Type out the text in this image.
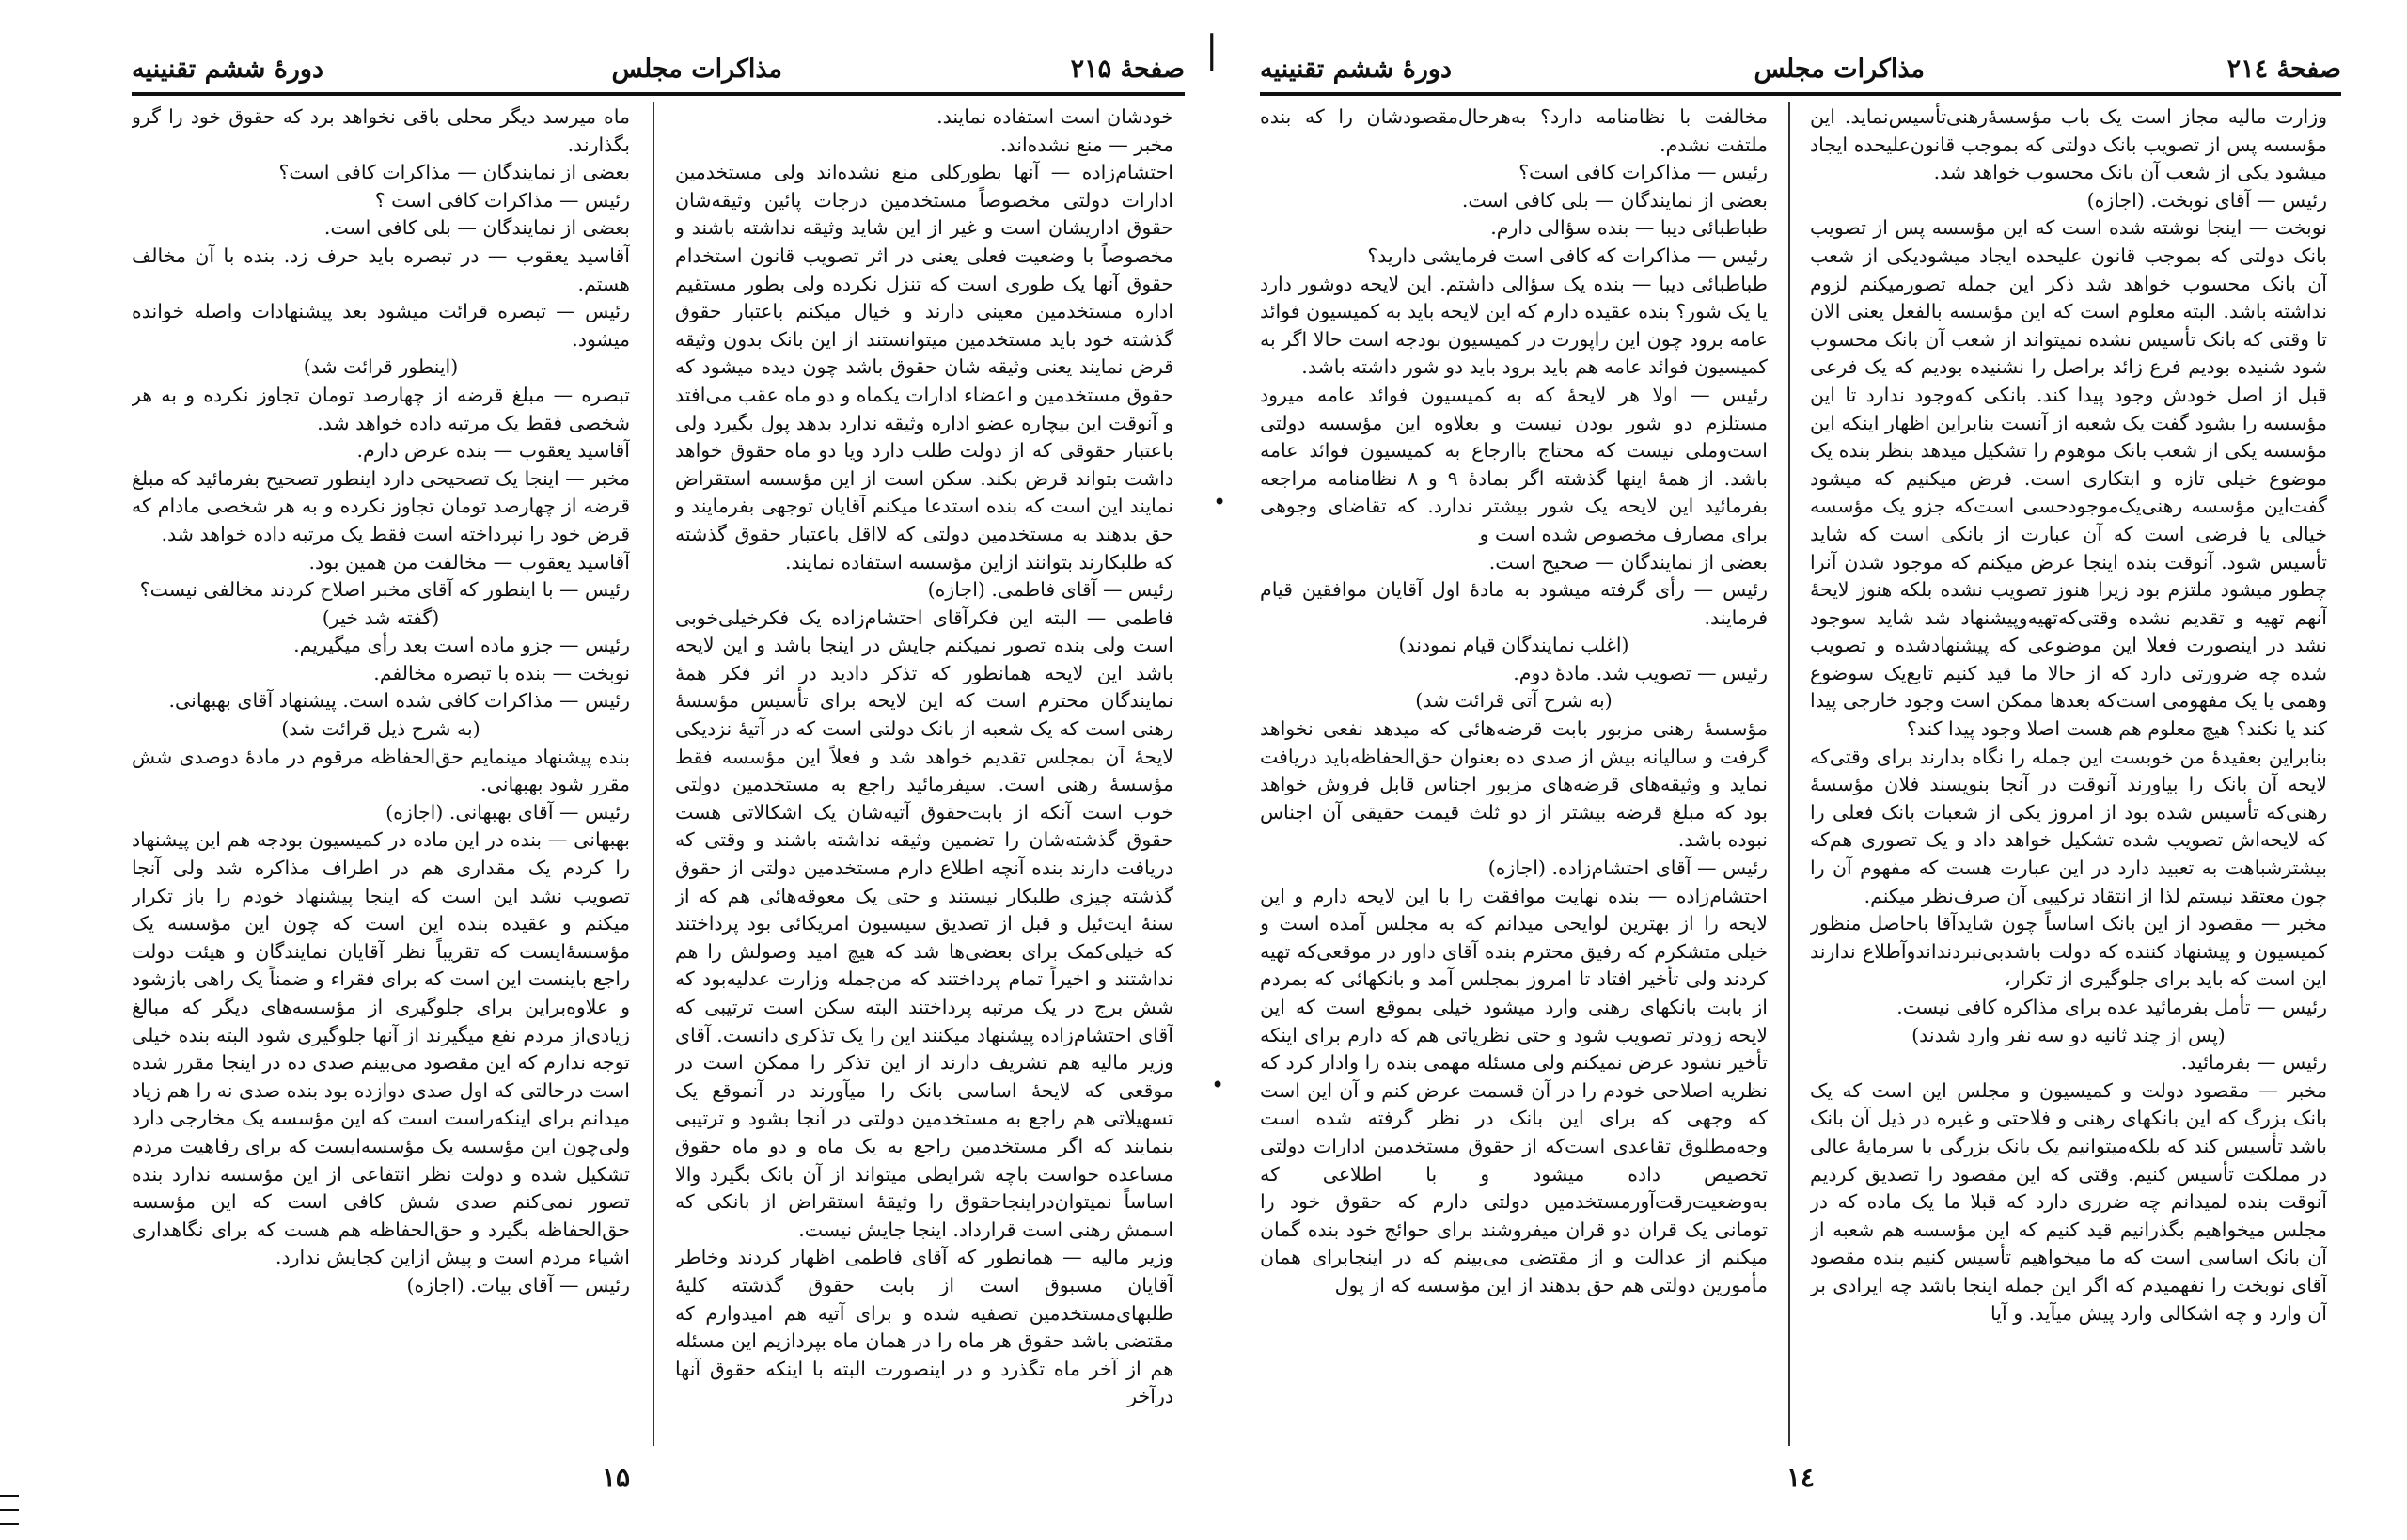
صفحهٔ ۲۱۵
مذاکرات مجلس
دورهٔ ششم تقنینیه

ماه میرسد دیگر محلی باقی نخواهد برد که حقوق خود را گرو بگذارند.

بعضی از نمایندگان — مذاکرات کافی است؟

رئیس — مذاکرات کافی است ؟

بعضی از نمایندگان — بلی کافی است.

آقاسید یعقوب — در تبصره باید حرف زد. بنده با آن مخالف هستم.

رئیس — تبصره قرائت میشود بعد پیشنهادات واصله خوانده میشود.

(اینطور قرائت شد)

تبصره — مبلغ قرضه از چهارصد تومان تجاوز نکرده و به هر شخصی فقط یک مرتبه داده خواهد شد.

آقاسید یعقوب — بنده عرض دارم.

مخبر — اینجا یک تصحیحی دارد اینطور تصحیح بفرمائید که مبلغ قرضه از چهارصد تومان تجاوز نکرده و به هر شخصی مادام که قرض خود را نپرداخته است فقط یک مرتبه داده خواهد شد.

آقاسید یعقوب — مخالفت من همین بود.

رئیس — با اینطور که آقای مخبر اصلاح کردند مخالفی نیست؟

(گفته شد خیر)

رئیس — جزو ماده است بعد رأی میگیریم.

نوبخت — بنده با تبصره مخالفم.

رئیس — مذاکرات کافی شده است. پیشنهاد آقای بهبهانی.

(به شرح ذیل قرائت شد)

بنده پیشنهاد مینمایم حق‌الحفاظه مرقوم در مادهٔ دوصدی شش مقرر شود بهبهانی.

رئیس — آقای بهبهانی. (اجازه)

بهبهانی — بنده در این ماده در کمیسیون بودجه هم این پیشنهاد را کردم یک مقداری هم در اطراف مذاکره شد ولی آنجا تصویب نشد این است که اینجا پیشنهاد خودم را باز تکرار میکنم و عقیده بنده این است که چون این مؤسسه یک مؤسسهٔ‌ایست که تقریباً نظر آقایان نمایندگان و هیئت دولت راجع باینست این است که برای فقراء و ضمناً یک راهی بازشود و علاوه‌براین برای جلوگیری از مؤسسه‌های دیگر که مبالغ زیادی‌از مردم نفع میگیرند از آنها جلوگیری شود البته بنده خیلی توجه ندارم که این مقصود می‌بینم صدی ده در اینجا مقرر شده است درحالتی که اول صدی دوازده بود بنده صدی نه را هم زیاد میدانم برای اینکه‌راست است که این مؤسسه یک مخارجی دارد ولی‌چون این مؤسسه یک مؤسسه‌ایست که برای رفاهیت مردم تشکیل شده و دولت نظر انتفاعی از این مؤسسه ندارد بنده تصور نمی‌کنم صدی شش کافی است که این مؤسسه حق‌الحفاظه بگیرد و حق‌الحفاظه هم هست که برای نگاهداری اشیاء مردم است و پیش ازاین کجایش ندارد.

رئیس — آقای بیات. (اجازه)

خودشان است استفاده نمایند.

مخبر — منع نشده‌اند.

احتشام‌زاده — آنها بطورکلی منع نشده‌اند ولی مستخدمین ادارات دولتی مخصوصاً مستخدمین درجات پائین وثیقه‌شان حقوق اداریشان است و غیر از این شاید وثیقه نداشته باشند و مخصوصاً با وضعیت فعلی یعنی در اثر تصویب قانون استخدام حقوق آنها یک طوری است که تنزل نکرده ولی بطور مستقیم اداره مستخدمین معینی دارند و خیال میکنم باعتبار حقوق گذشته خود باید مستخدمین میتوانستند از این بانک بدون وثیقه قرض نمایند یعنی وثیقه شان حقوق باشد چون دیده میشود که حقوق مستخدمین و اعضاء ادارات یکماه و دو ماه عقب می‌افتد و آنوقت این بیچاره عضو اداره وثیقه ندارد بدهد پول بگیرد ولی باعتبار حقوقی که از دولت طلب دارد ویا دو ماه حقوق خواهد داشت بتواند قرض بکند. سکن است از این مؤسسه استقراض نمایند این است که بنده استدعا میکنم آقایان توجهی بفرمایند و حق بدهند به مستخدمین دولتی که لااقل باعتبار حقوق گذشته که طلبکارند بتوانند ازاین مؤسسه استفاده نمایند.

رئیس — آقای فاطمی. (اجازه)

فاطمی — البته این فکرآقای احتشام‌زاده یک فکرخیلی‌خوبی است ولی بنده تصور نمیکنم جایش در اینجا باشد و این لایحه باشد این لایحه همانطور که تذکر دادید در اثر فکر همهٔ نمایندگان محترم است که این لایحه برای تأسیس مؤسسهٔ رهنی است که یک شعبه از بانک دولتی است که در آتیهٔ نزدیکی لایحهٔ آن بمجلس تقدیم خواهد شد و فعلاً این مؤسسه فقط مؤسسهٔ رهنی است. سیفرمائید راجع به مستخدمین دولتی خوب است آنکه از بابت‌حقوق آتیه‌شان یک اشکالاتی هست حقوق گذشته‌شان را تضمین وثیقه نداشته باشند و وقتی که دریافت دارند بنده آنچه اطلاع دارم مستخدمین دولتی از حقوق گذشته چیزی طلبکار نیستند و حتی یک معوقه‌هائی هم که از سنهٔ ایت‌ئیل و قبل از تصدیق سیسیون امریکائی بود پرداختند که خیلی‌کمک برای بعضی‌ها شد که هیچ امید وصولش را هم نداشتند و اخیراً تمام پرداختند که من‌جمله وزارت عدلیه‌بود که شش برج در یک مرتبه پرداختند البته سکن است ترتیبی که آقای احتشام‌زاده پیشنهاد میکنند این را یک تذکری دانست. آقای وزیر مالیه هم تشریف دارند از این تذکر را ممکن است در موقعی که لایحهٔ اساسی بانک را میآورند در آنموقع یک تسهیلاتی هم راجع به مستخدمین دولتی در آنجا بشود و ترتیبی بنمایند که اگر مستخدمین راجع به یک ماه و دو ماه حقوق مساعده خواست باچه شرایطی میتواند از آن بانک بگیرد والا اساساً نمیتوان‌دراینجا‌حقوق را وثیقهٔ استقراض از بانکی که اسمش رهنی است قرارداد. اینجا جایش نیست.

وزیر مالیه — همانطور که آقای فاطمی اظهار کردند وخاطر آقایان مسبوق است از بابت حقوق گذشته کلیهٔ طلبهای‌مستخدمین تصفیه شده و برای آتیه هم امیدوارم که مقتضی باشد حقوق هر ماه را در همان ماه بپردازیم این مسئله هم از آخر ماه تگذرد و در اینصورت البته با اینکه حقوق آنها درآخر

۱۵
صفحهٔ ۲۱٤
مذاکرات مجلس
دورهٔ ششم تقنینیه

مخالفت با نظامنامه دارد؟ به‌هرحال‌مقصودشان را که بنده ملتفت نشدم.

رئیس — مذاکرات کافی است؟

بعضی از نمایندگان — بلی کافی است.

طباطبائی دیبا — بنده سؤالی دارم.

رئیس — مذاکرات که کافی است فرمایشی دارید؟

طباطبائی دیبا — بنده یک سؤالی داشتم. این لایحه دوشور دارد یا یک شور؟ بنده عقیده دارم که این لایحه باید به کمیسیون فوائد عامه برود چون این راپورت در کمیسیون بودجه است حالا اگر به کمیسیون فوائد عامه هم باید برود باید دو شور داشته باشد.

رئیس — اولا هر لایحهٔ که به کمیسیون فوائد عامه میرود مستلزم دو شور بودن نیست و بعلاوه این مؤسسه دولتی است‌وملی نیست که محتاج باارجاع به کمیسیون فوائد عامه باشد. از همهٔ اینها گذشته اگر بمادهٔ ٩ و ۸ نظامنامه مراجعه بفرمائید این لایحه یک شور بیشتر ندارد. که تقاضای وجوهی برای مصارف مخصوص شده است و

بعضی از نمایندگان — صحیح است.

رئیس — رأی گرفته میشود به مادهٔ اول آقایان موافقین قیام فرمایند.

(اغلب نمایندگان قیام نمودند)

رئیس — تصویب شد. مادهٔ دوم.

(به شرح آتی قرائت شد)

مؤسسهٔ رهنی مزبور بابت قرضه‌هائی که میدهد نفعی نخواهد گرفت و سالیانه بیش از صدی ده بعنوان حق‌الحفاظه‌باید دریافت نماید و وثیقه‌های قرضه‌های مزبور اجناس قابل فروش خواهد بود که مبلغ قرضه بیشتر از دو ثلث قیمت حقیقی آن اجناس نبوده باشد.

رئیس — آقای احتشام‌زاده. (اجازه)

احتشام‌زاده — بنده نهایت موافقت را با این لایحه دارم و این لایحه را از بهترین لوایحی میدانم که به مجلس آمده است و خیلی متشکرم که رفیق محترم بنده آقای داور در موقعی‌که تهیه کردند ولی تأخیر افتاد تا امروز بمجلس آمد و بانکهائی که بمردم از بابت بانکهای رهنی وارد میشود خیلی بموقع است که این لایحه زودتر تصویب شود و حتی نظریاتی هم که دارم برای اینکه تأخیر نشود عرض نمیکنم ولی مسئله مهمی بنده را وادار کرد که نظریه اصلاحی خودم را در آن قسمت عرض کنم و آن این است که وجهی که برای این بانک در نظر گرفته شده است وجه‌مطلوق تقاعدی است‌که از حقوق مستخدمین ادارات دولتی تخصیص داده میشود و با اطلاعی که به‌وضعیت‌رقت‌آورمستخدمین دولتی دارم که حقوق خود را تومانی یک قران دو قران میفروشند برای حوائج خود بنده گمان میکنم از عدالت و از مقتضی می‌بینم که در اینجابرای همان مأمورین دولتی هم حق بدهند از این مؤسسه که از پول

وزارت مالیه مجاز است یک باب مؤسسهٔ‌رهنی‌تأسیس‌نماید. این مؤسسه پس از تصویب بانک دولتی که بموجب قانون‌علیحده ایجاد میشود یکی از شعب آن بانک محسوب خواهد شد.

رئیس — آقای نوبخت. (اجازه)

نوبخت — اینجا نوشته شده است که این مؤسسه پس از تصویب بانک دولتی که بموجب قانون علیحده ایجاد میشودیکی از شعب آن بانک محسوب خواهد شد ذکر این جمله تصورمیکنم لزوم نداشته باشد. البته معلوم است که این مؤسسه بالفعل یعنی الان تا وقتی که بانک تأسیس نشده نمیتواند از شعب آن بانک محسوب شود شنیده بودیم فرع زائد براصل را نشنیده بودیم که یک فرعی قبل از اصل خودش وجود پیدا کند. بانکی که‌وجود ندارد تا این مؤسسه را بشود گفت یک شعبه از آنست بنابراین اظهار اینکه این مؤسسه یکی از شعب بانک موهوم را تشکیل میدهد بنظر بنده یک موضوع خیلی تازه و ابتکاری است. فرض میکنیم که میشود گفت‌این مؤسسه رهنی‌یک‌موجودحسی است‌که جزو یک مؤسسه خیالی یا فرضی است که آن عبارت از بانکی است که شاید تأسیس شود. آنوقت بنده اینجا عرض میکنم که موجود شدن آنرا چطور میشود ملتزم بود زیرا هنوز تصویب نشده بلکه هنوز لایحهٔ آنهم تهیه و تقدیم نشده وقتی‌که‌تهیه‌وپیشنهاد شد شاید سوجود نشد در اینصورت فعلا این موضوعی که پیشنهادشده و تصویب شده چه ضرورتی دارد که از حالا ما قید کنیم تابع‌یک سوضوع وهمی یا یک مفهومی است‌که بعدها ممکن است وجود خارجی پیدا کند یا نکند؟ هیچ معلوم هم هست اصلا وجود پیدا کند؟

بنابراین بعقیدهٔ من خوبست این جمله را نگاه بدارند برای وقتی‌که لایحه آن بانک را بیاورند آنوقت در آنجا بنویسند فلان مؤسسهٔ رهنی‌که تأسیس شده بود از امروز یکی از شعبات بانک فعلی را که لایحه‌اش تصویب شده تشکیل خواهد داد و یک تصوری هم‌که بیشترشباهت به تعبید دارد در این عبارت هست که مفهوم آن را چون معتقد نیستم لذا از انتقاد ترکیبی آن صرف‌نظر میکنم.

مخبر — مقصود از این بانک اساساً چون شایدآقا باحاصل منظور کمیسیون و پیشنهاد کننده که دولت باشد‌بی‌نبردنداند‌وآطلاع ندارند این است که باید برای جلوگیری از تکرار،

رئیس — تأمل بفرمائید عده برای مذاکره کافی نیست.

(پس از چند ثانیه دو سه نفر وارد شدند)

رئیس — بفرمائید.

مخبر — مقصود دولت و کمیسیون و مجلس این است که یک بانک بزرگ که این بانکهای رهنی و فلاحتی و غیره در ذیل آن بانک باشد تأسیس کند که بلکه‌میتوانیم یک بانک بزرگی با سرمایهٔ عالی در مملکت تأسیس کنیم. وقتی که این مقصود را تصدیق کردیم آنوقت بنده لمیدانم چه ضرری دارد که قبلا ما یک ماده که در مجلس میخواهیم بگذرانیم قید کنیم که این مؤسسه هم شعبه از آن بانک اساسی است که ما میخواهیم تأسیس کنیم بنده مقصود آقای نوبخت را نفهمیدم که اگر این جمله اینجا باشد چه ایرادی بر آن وارد و چه اشکالی وارد پیش میآید. و آیا

۱٤
|
•
•
